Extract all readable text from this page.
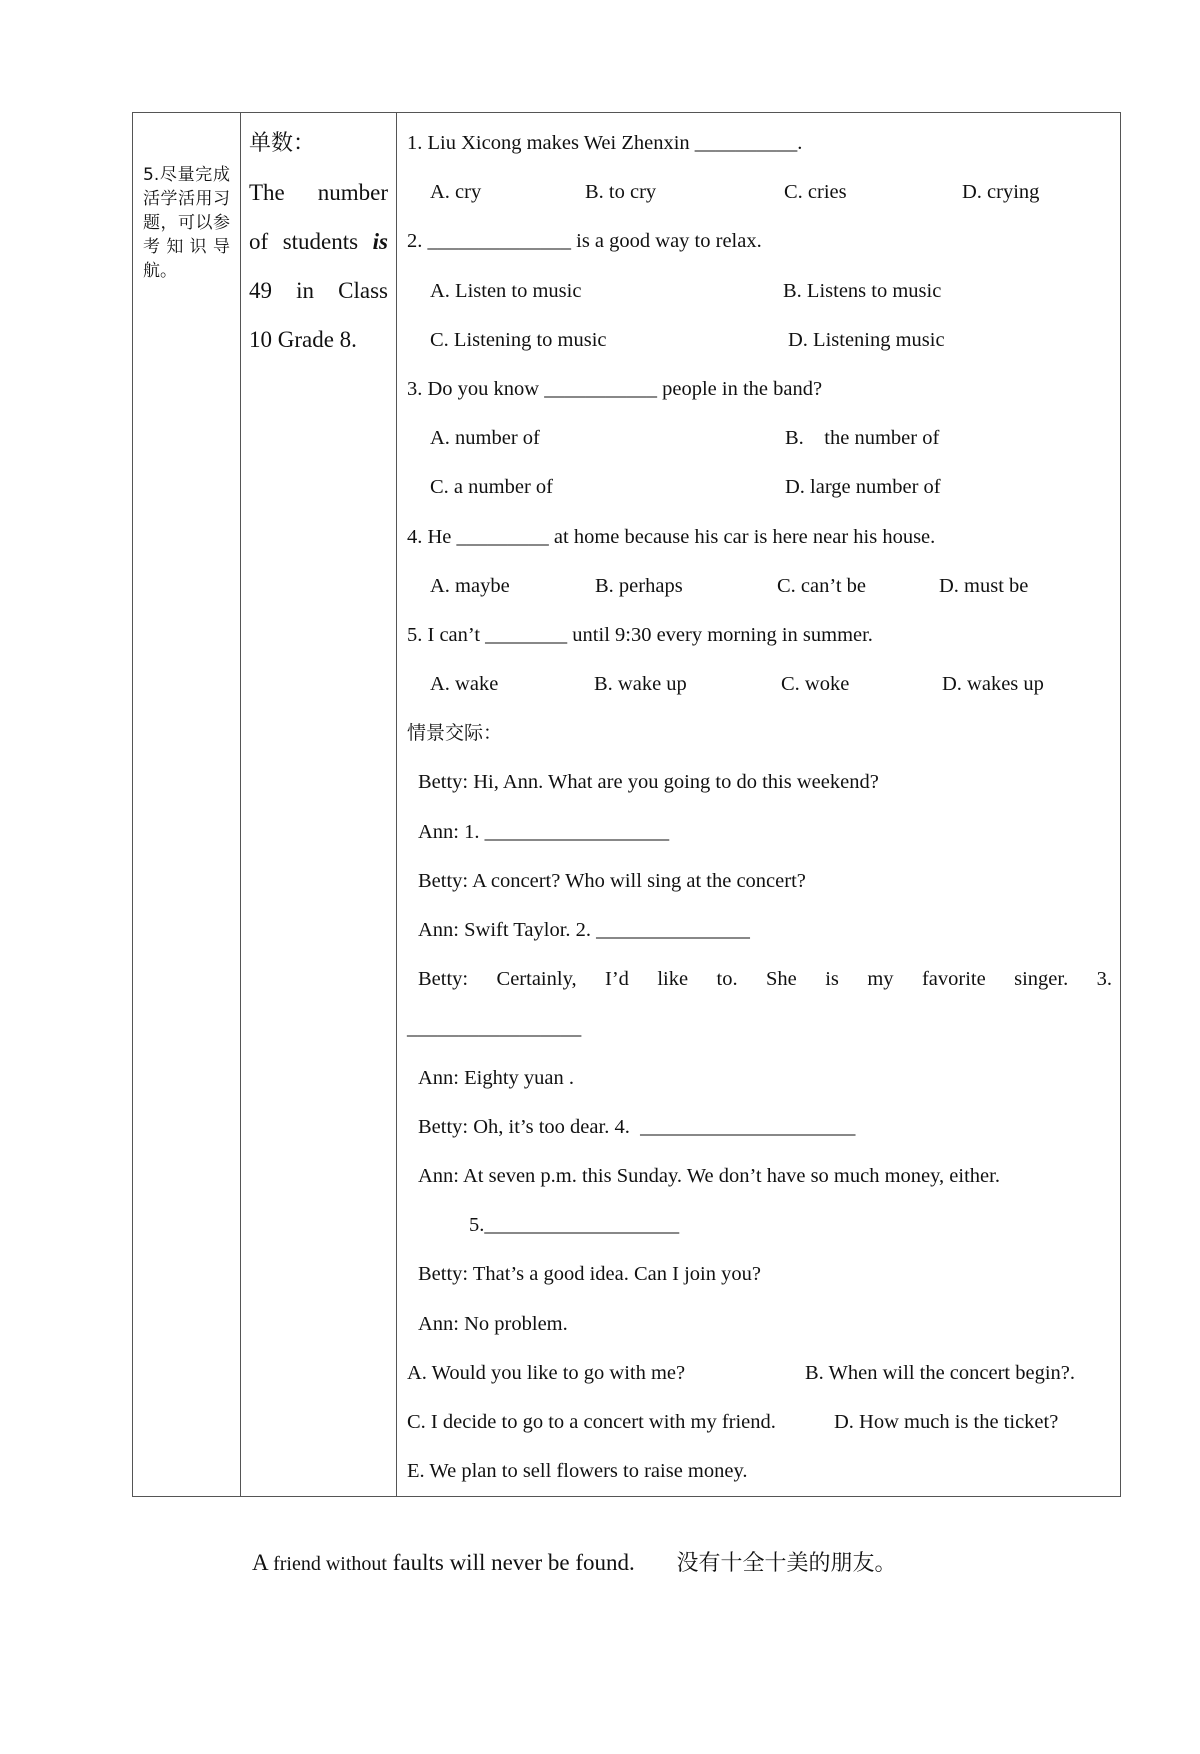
5.尽量完成活学活用习题，可以参考知识导航。

单数：
The number
of students is
49 in Class
10 Grade 8.

1. Liu Xicong makes Wei Zhenxin __________.
A. cry	B. to cry	C. cries	D. crying
2. ______________ is a good way to relax.
A. Listen to music	B. Listens to music
C. Listening to music	D. Listening music
3. Do you know ___________ people in the band?
A. number of	B.    the number of
C. a number of	D. large number of
4. He _________ at home because his car is here near his house.
A. maybe	B. perhaps	C. can’t be	D. must be
5. I can’t ________ until 9:30 every morning in summer.
A. wake	B. wake up	C. woke	D. wakes up
情景交际：
Betty: Hi, Ann. What are you going to do this weekend?
Ann: 1. __________________
Betty: A concert? Who will sing at the concert?
Ann: Swift Taylor. 2. _______________
Betty: Certainly, I’d like to. She is my favorite singer. 3.
_________________
Ann: Eighty yuan .
Betty: Oh, it’s too dear. 4.  _____________________
Ann: At seven p.m. this Sunday. We don’t have so much money, either.
5.___________________
Betty: That’s a good idea. Can I join you?
Ann: No problem.
A. Would you like to go with me?	B. When will the concert begin?.
C. I decide to go to a concert with my friend.	D. How much is the ticket?
E. We plan to sell flowers to raise money.
A friend without faults will never be found. 没有十全十美的朋友。
